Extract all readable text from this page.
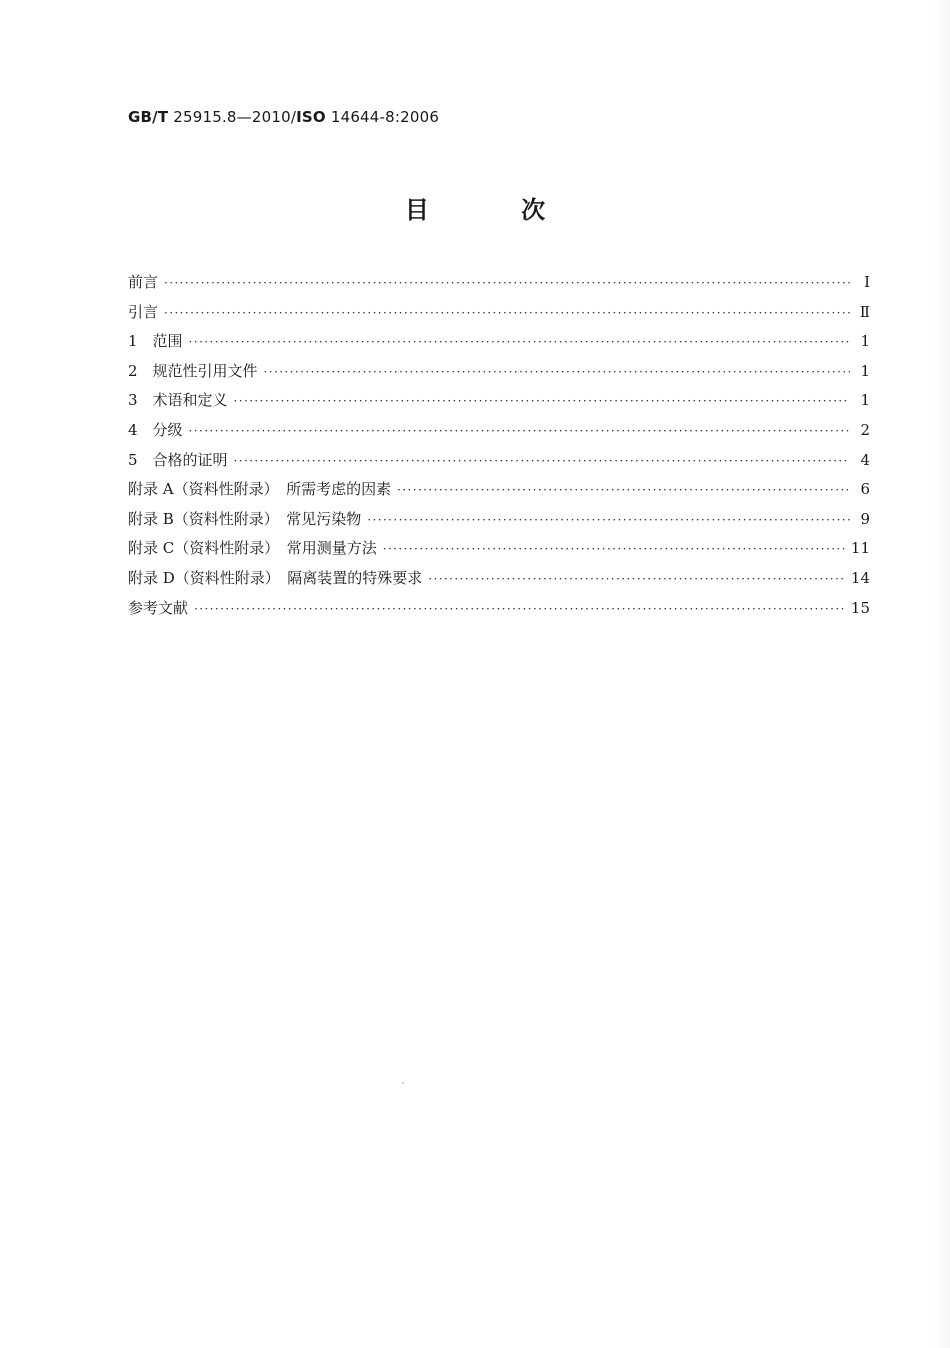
GB/T 25915.8—2010/ISO 14644-8:2006
目 次
前言 ·····	Ⅰ
引言 ·····	Ⅱ
1　范围 ·····	1
2　规范性引用文件 ·····	1
3　术语和定义 ·····	1
4　分级 ·····	2
5　合格的证明 ·····	4
附录 A（资料性附录）　所需考虑的因素 ·····	6
附录 B（资料性附录）　常见污染物 ·····	9
附录 C（资料性附录）　常用测量方法 ·····	11
附录 D（资料性附录）　隔离装置的特殊要求 ·····	14
参考文献 ·····	15
